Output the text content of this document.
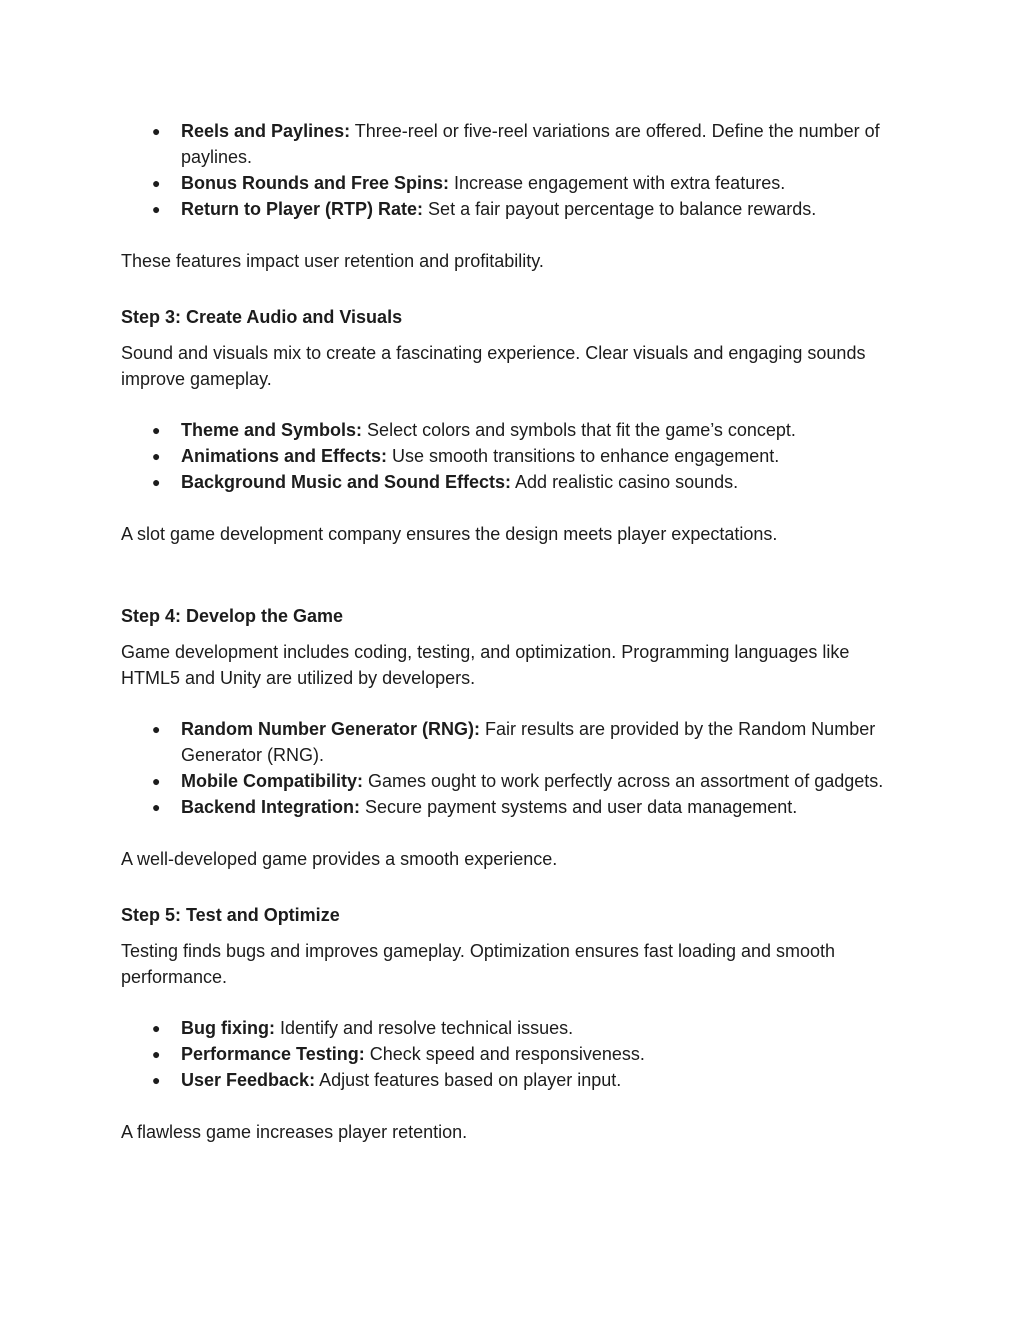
● Reels and Paylines: Three-reel or five-reel variations are offered. Define the number of paylines.
● Bonus Rounds and Free Spins: Increase engagement with extra features.
● Return to Player (RTP) Rate: Set a fair payout percentage to balance rewards.

These features impact user retention and profitability.

Step 3: Create Audio and Visuals

Sound and visuals mix to create a fascinating experience. Clear visuals and engaging sounds improve gameplay.

● Theme and Symbols: Select colors and symbols that fit the game’s concept.
● Animations and Effects: Use smooth transitions to enhance engagement.
● Background Music and Sound Effects: Add realistic casino sounds.

A slot game development company ensures the design meets player expectations.

Step 4: Develop the Game

Game development includes coding, testing, and optimization. Programming languages like HTML5 and Unity are utilized by developers.

● Random Number Generator (RNG): Fair results are provided by the Random Number Generator (RNG).
● Mobile Compatibility: Games ought to work perfectly across an assortment of gadgets.
● Backend Integration: Secure payment systems and user data management.

A well-developed game provides a smooth experience.

Step 5: Test and Optimize

Testing finds bugs and improves gameplay. Optimization ensures fast loading and smooth performance.

● Bug fixing: Identify and resolve technical issues.
● Performance Testing: Check speed and responsiveness.
● User Feedback: Adjust features based on player input.

A flawless game increases player retention.
